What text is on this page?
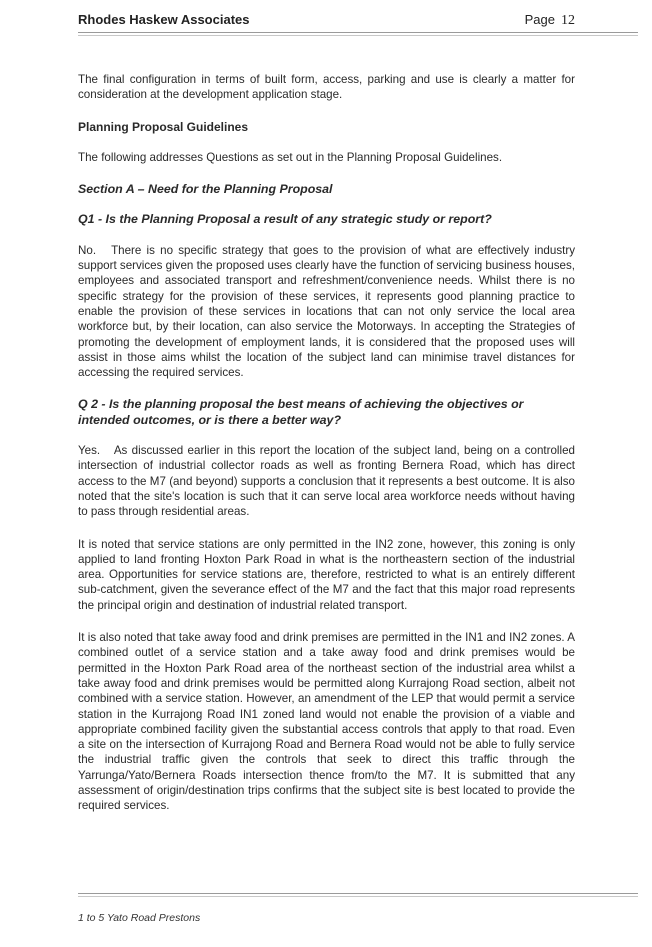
Rhodes Haskew Associates	Page 12

The final configuration in terms of built form, access, parking and use is clearly a matter for consideration at the development application stage.

Planning Proposal Guidelines

The following addresses Questions as set out in the Planning Proposal Guidelines.

Section A – Need for the Planning Proposal
Q1 - Is the Planning Proposal a result of any strategic study or report?

No. There is no specific strategy that goes to the provision of what are effectively industry support services given the proposed uses clearly have the function of servicing business houses, employees and associated transport and refreshment/convenience needs. Whilst there is no specific strategy for the provision of these services, it represents good planning practice to enable the provision of these services in locations that can not only service the local area workforce but, by their location, can also service the Motorways. In accepting the Strategies of promoting the development of employment lands, it is considered that the proposed uses will assist in those aims whilst the location of the subject land can minimise travel distances for accessing the required services.

Q 2 - Is the planning proposal the best means of achieving the objectives or intended outcomes, or is there a better way?

Yes. As discussed earlier in this report the location of the subject land, being on a controlled intersection of industrial collector roads as well as fronting Bernera Road, which has direct access to the M7 (and beyond) supports a conclusion that it represents a best outcome. It is also noted that the site's location is such that it can serve local area workforce needs without having to pass through residential areas.

It is noted that service stations are only permitted in the IN2 zone, however, this zoning is only applied to land fronting Hoxton Park Road in what is the northeastern section of the industrial area. Opportunities for service stations are, therefore, restricted to what is an entirely different sub-catchment, given the severance effect of the M7 and the fact that this major road represents the principal origin and destination of industrial related transport.

It is also noted that take away food and drink premises are permitted in the IN1 and IN2 zones. A combined outlet of a service station and a take away food and drink premises would be permitted in the Hoxton Park Road area of the northeast section of the industrial area whilst a take away food and drink premises would be permitted along Kurrajong Road section, albeit not combined with a service station. However, an amendment of the LEP that would permit a service station in the Kurrajong Road IN1 zoned land would not enable the provision of a viable and appropriate combined facility given the substantial access controls that apply to that road. Even a site on the intersection of Kurrajong Road and Bernera Road would not be able to fully service the industrial traffic given the controls that seek to direct this traffic through the Yarrunga/Yato/Bernera Roads intersection thence from/to the M7. It is submitted that any assessment of origin/destination trips confirms that the subject site is best located to provide the required services.

1 to 5 Yato Road Prestons
